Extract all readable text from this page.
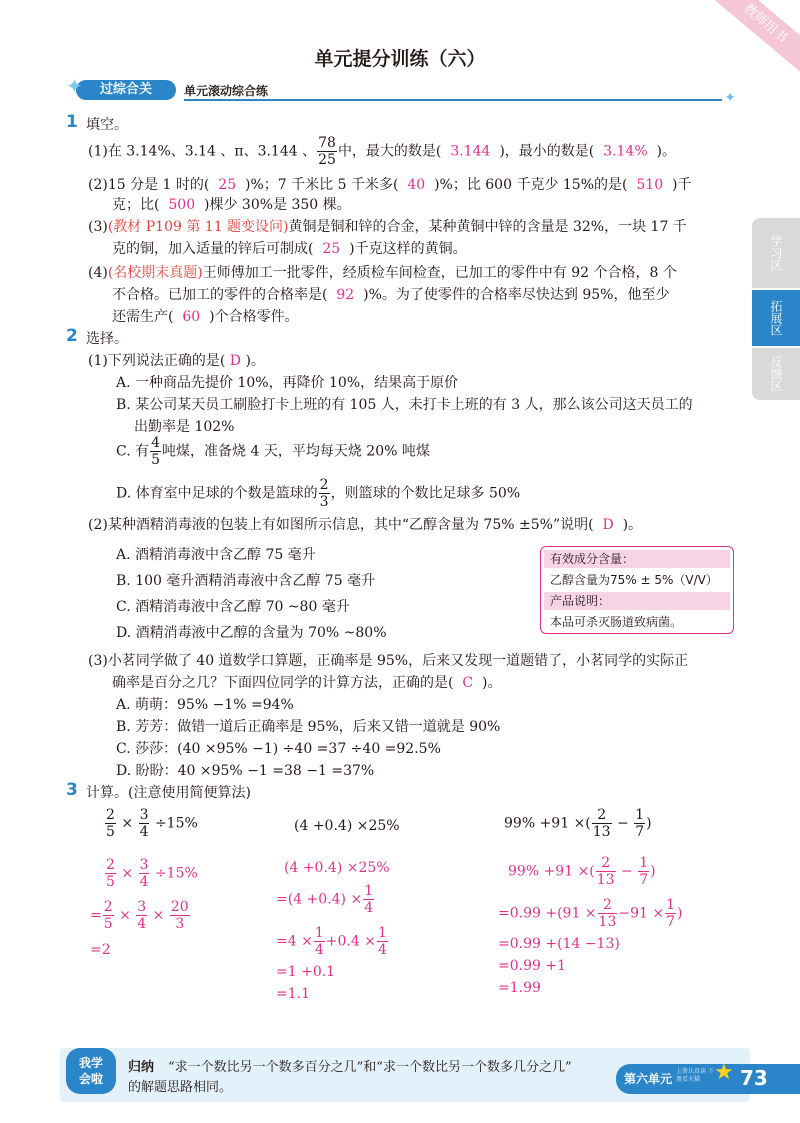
教师用书
单元提分训练（六）
过综合关
✦	单元滚动综合练	✦
学习区
拓展区
反馈区
1 填空。
(1)在 3.14%、3.14 、π、3.144 、 $\frac{78}{25}$ 中，最大的数是( 3.144 )，最小的数是( 3.14% )。
(2)15 分是 1 时的( 25 )%；7 千米比 5 千米多( 40 )%；比 600 千克少 15%的是( 510 )千
克；比( 500 )棵少 30%是 350 棵。
(3)(教材 P109 第 11 题变设问)黄铜是铜和锌的合金，某种黄铜中锌的含量是 32%，一块 17 千
克的铜，加入适量的锌后可制成( 25 )千克这样的黄铜。
(4)(名校期末真题)王师傅加工一批零件，经质检车间检查，已加工的零件中有 92 个合格，8 个
不合格。已加工的零件的合格率是( 92 )%。为了使零件的合格率尽快达到 95%，他至少
还需生产( 60 )个合格零件。
2 选择。
(1)下列说法正确的是( D )。
A. 一种商品先提价 10%，再降价 10%，结果高于原价
B. 某公司某天员工刷脸打卡上班的有 105 人，未打卡上班的有 3 人，那么该公司这天员工的
出勤率是 102%
C. 有 $\frac{4}{5}$ 吨煤，准备烧 4 天，平均每天烧 20% 吨煤
D. 体育室中足球的个数是篮球的 $\frac{2}{3}$ ，则篮球的个数比足球多 50%
(2)某种酒精消毒液的包装上有如图所示信息，其中“乙醇含量为 75% ±5%”说明( D )。
A. 酒精消毒液中含乙醇 75 毫升
B. 100 毫升酒精消毒液中含乙醇 75 毫升
C. 酒精消毒液中含乙醇 70 ~80 毫升
D. 酒精消毒液中乙醇的含量为 70% ~80%
有效成分含量：
乙醇含量为75% ± 5%（V/V）
产品说明：
本品可杀灭肠道致病菌。
(3)小茗同学做了 40 道数学口算题，正确率是 95%，后来又发现一道题错了，小茗同学的实际正
确率是百分之几？下面四位同学的计算方法，正确的是( C )。
A. 萌萌：95% −1% =94%
B. 芳芳：做错一道后正确率是 95%，后来又错一道就是 90%
C. 莎莎：(40 ×95% −1) ÷40 =37 ÷40 =92.5%
D. 盼盼：40 ×95% −1 =38 −1 =37%
3 计算。(注意使用简便算法)
$\frac{2}{5} \times \frac{3}{4} \div 15\%$
$\frac{2}{5} \times \frac{3}{4} \div 15\%$
= $\frac{2}{5} \times \frac{3}{4} \times \frac{20}{3}$
=2
(4 +0.4) ×25%
(4 +0.4) ×25%
$=(4 +0.4) \times \frac{1}{4}$
$=4 \times \frac{1}{4} +0.4 \times \frac{1}{4}$
=1 +0.1
=1.1
99% +91 ×( $\frac{2}{13} - \frac{1}{7}$ )
99% +91 ×( $\frac{2}{13} - \frac{1}{7}$ )
$=0.99 +(91 \times \frac{2}{13} -91 \times \frac{1}{7}$ )
=0.99 +(14 −13)
=0.99 +1
=1.99
我学会啦
归纳 “求一个数比另一个数多百分之几”和“求一个数比另一个数多几分之几”
的解题思路相同。
第六单元
上册认真读 下册看天猫 ★ 73
